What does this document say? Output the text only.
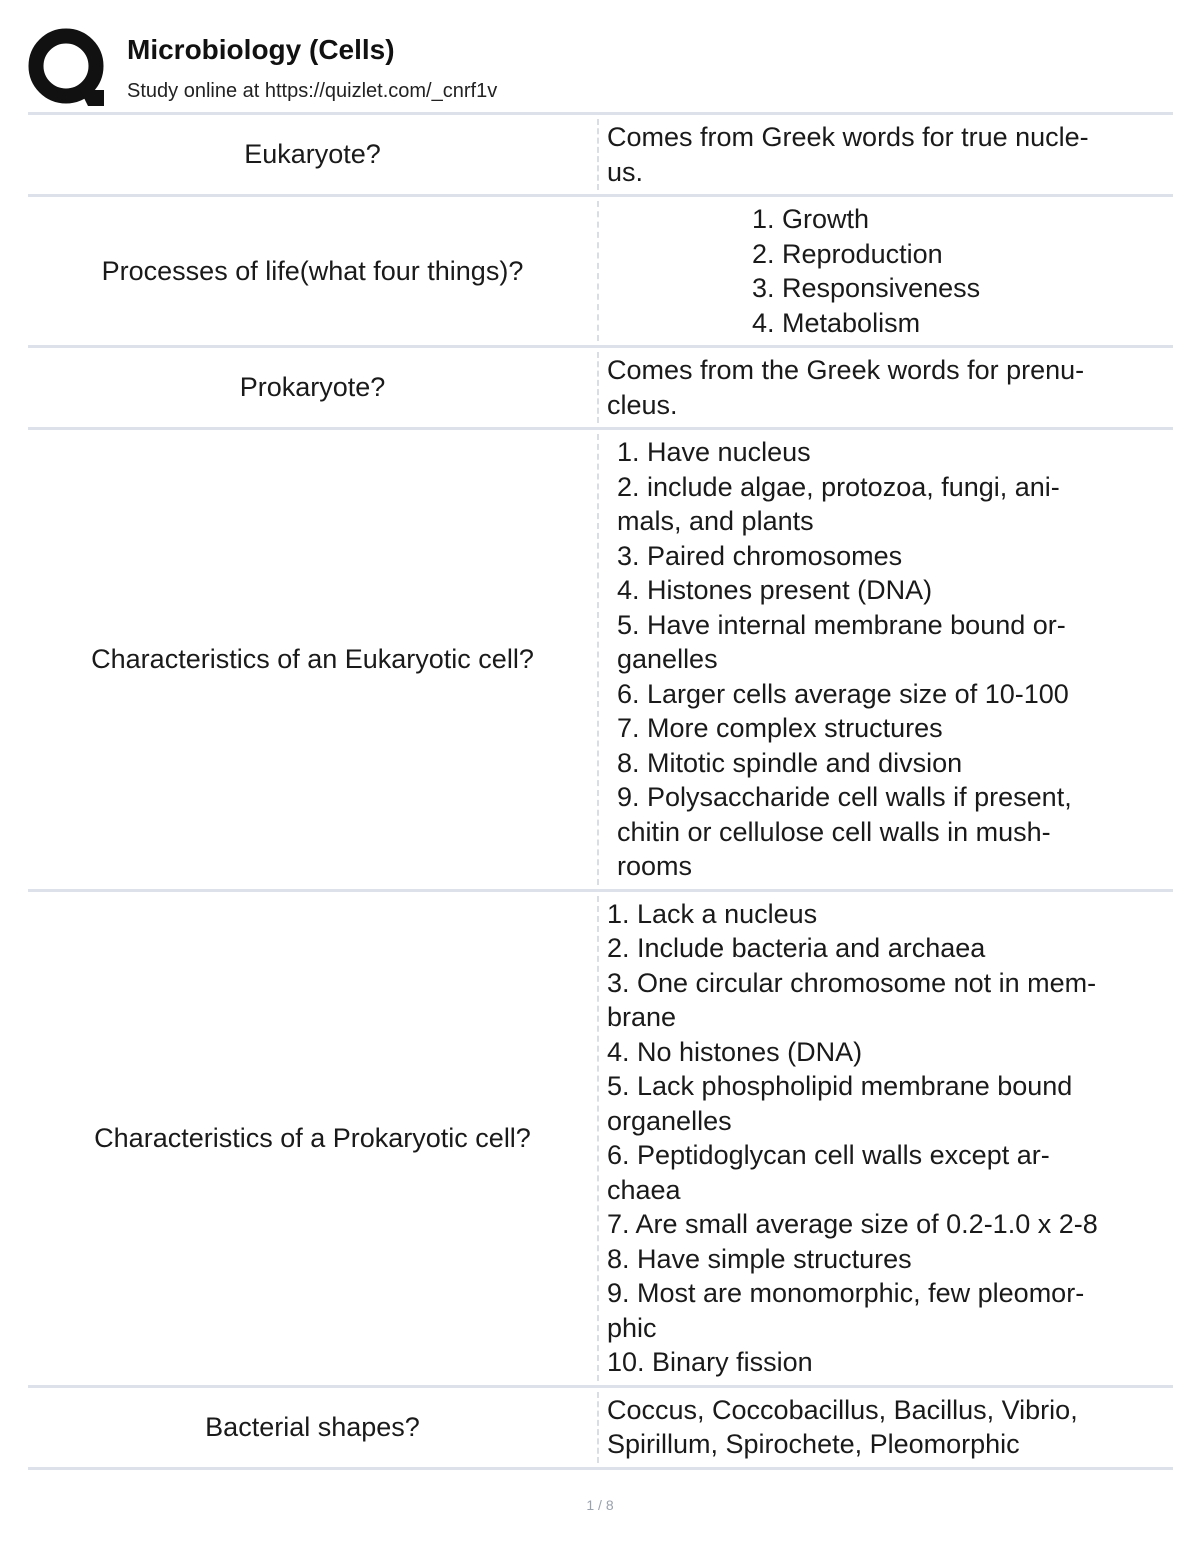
Microbiology (Cells)
Study online at https://quizlet.com/_cnrf1v
Eukaryote?
Comes from Greek words for true nucle-
us.
Processes of life(what four things)?
1. Growth
2. Reproduction
3. Responsiveness
4. Metabolism
Prokaryote?
Comes from the Greek words for prenu-
cleus.
Characteristics of an Eukaryotic cell?
1. Have nucleus
2. include algae, protozoa, fungi, ani-
mals, and plants
3. Paired chromosomes
4. Histones present (DNA)
5. Have internal membrane bound or-
ganelles
6. Larger cells average size of 10-100
7. More complex structures
8. Mitotic spindle and divsion
9. Polysaccharide cell walls if present,
chitin or cellulose cell walls in mush-
rooms
Characteristics of a Prokaryotic cell?
1. Lack a nucleus
2. Include bacteria and archaea
3. One circular chromosome not in mem-
brane
4. No histones (DNA)
5. Lack phospholipid membrane bound
organelles
6. Peptidoglycan cell walls except ar-
chaea
7. Are small average size of 0.2-1.0 x 2-8
8. Have simple structures
9. Most are monomorphic, few pleomor-
phic
10. Binary fission
Bacterial shapes?
Coccus, Coccobacillus, Bacillus, Vibrio,
Spirillum, Spirochete, Pleomorphic
1 / 8
